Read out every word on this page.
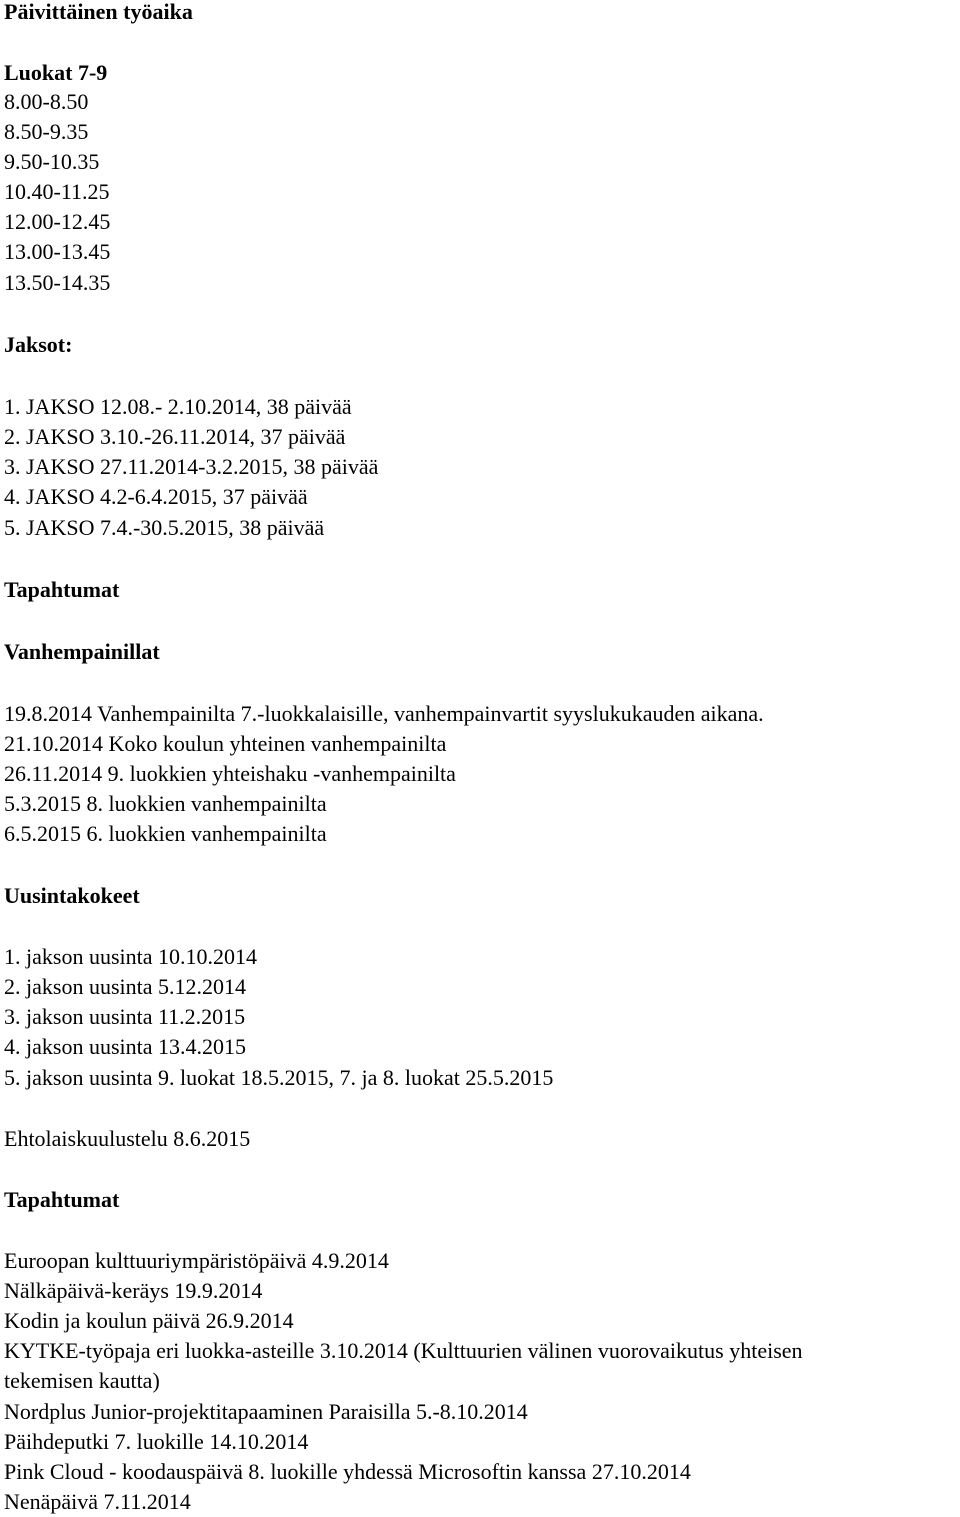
Päivittäinen työaika
Luokat 7-9
8.00-8.50
8.50-9.35
9.50-10.35
10.40-11.25
12.00-12.45
13.00-13.45
13.50-14.35
Jaksot:
1. JAKSO 12.08.- 2.10.2014, 38 päivää
2. JAKSO 3.10.-26.11.2014, 37 päivää
3. JAKSO 27.11.2014-3.2.2015, 38 päivää
4. JAKSO 4.2-6.4.2015, 37 päivää
5. JAKSO 7.4.-30.5.2015, 38 päivää
Tapahtumat
Vanhempainillat
19.8.2014 Vanhempainilta 7.-luokkalaisille, vanhempainvartit syyslukukauden aikana.
21.10.2014 Koko koulun yhteinen vanhempainilta
26.11.2014 9. luokkien yhteishaku -vanhempainilta
5.3.2015 8. luokkien vanhempainilta
6.5.2015 6. luokkien vanhempainilta
Uusintakokeet
1. jakson uusinta 10.10.2014
2. jakson uusinta 5.12.2014
3. jakson uusinta 11.2.2015
4. jakson uusinta 13.4.2015
5. jakson uusinta 9. luokat 18.5.2015, 7. ja 8. luokat 25.5.2015
Ehtolaiskuulustelu 8.6.2015
Tapahtumat
Euroopan kulttuuriympäristöpäivä 4.9.2014
Nälkäpäivä-keräys 19.9.2014
Kodin ja koulun päivä 26.9.2014
KYTKE-työpaja eri luokka-asteille 3.10.2014 (Kulttuurien välinen vuorovaikutus yhteisen
tekemisen kautta)
Nordplus Junior-projektitapaaminen Paraisilla 5.-8.10.2014
Päihdeputki 7. luokille 14.10.2014
Pink Cloud - koodauspäivä 8. luokille yhdessä Microsoftin kanssa 27.10.2014
Nenäpäivä 7.11.2014
